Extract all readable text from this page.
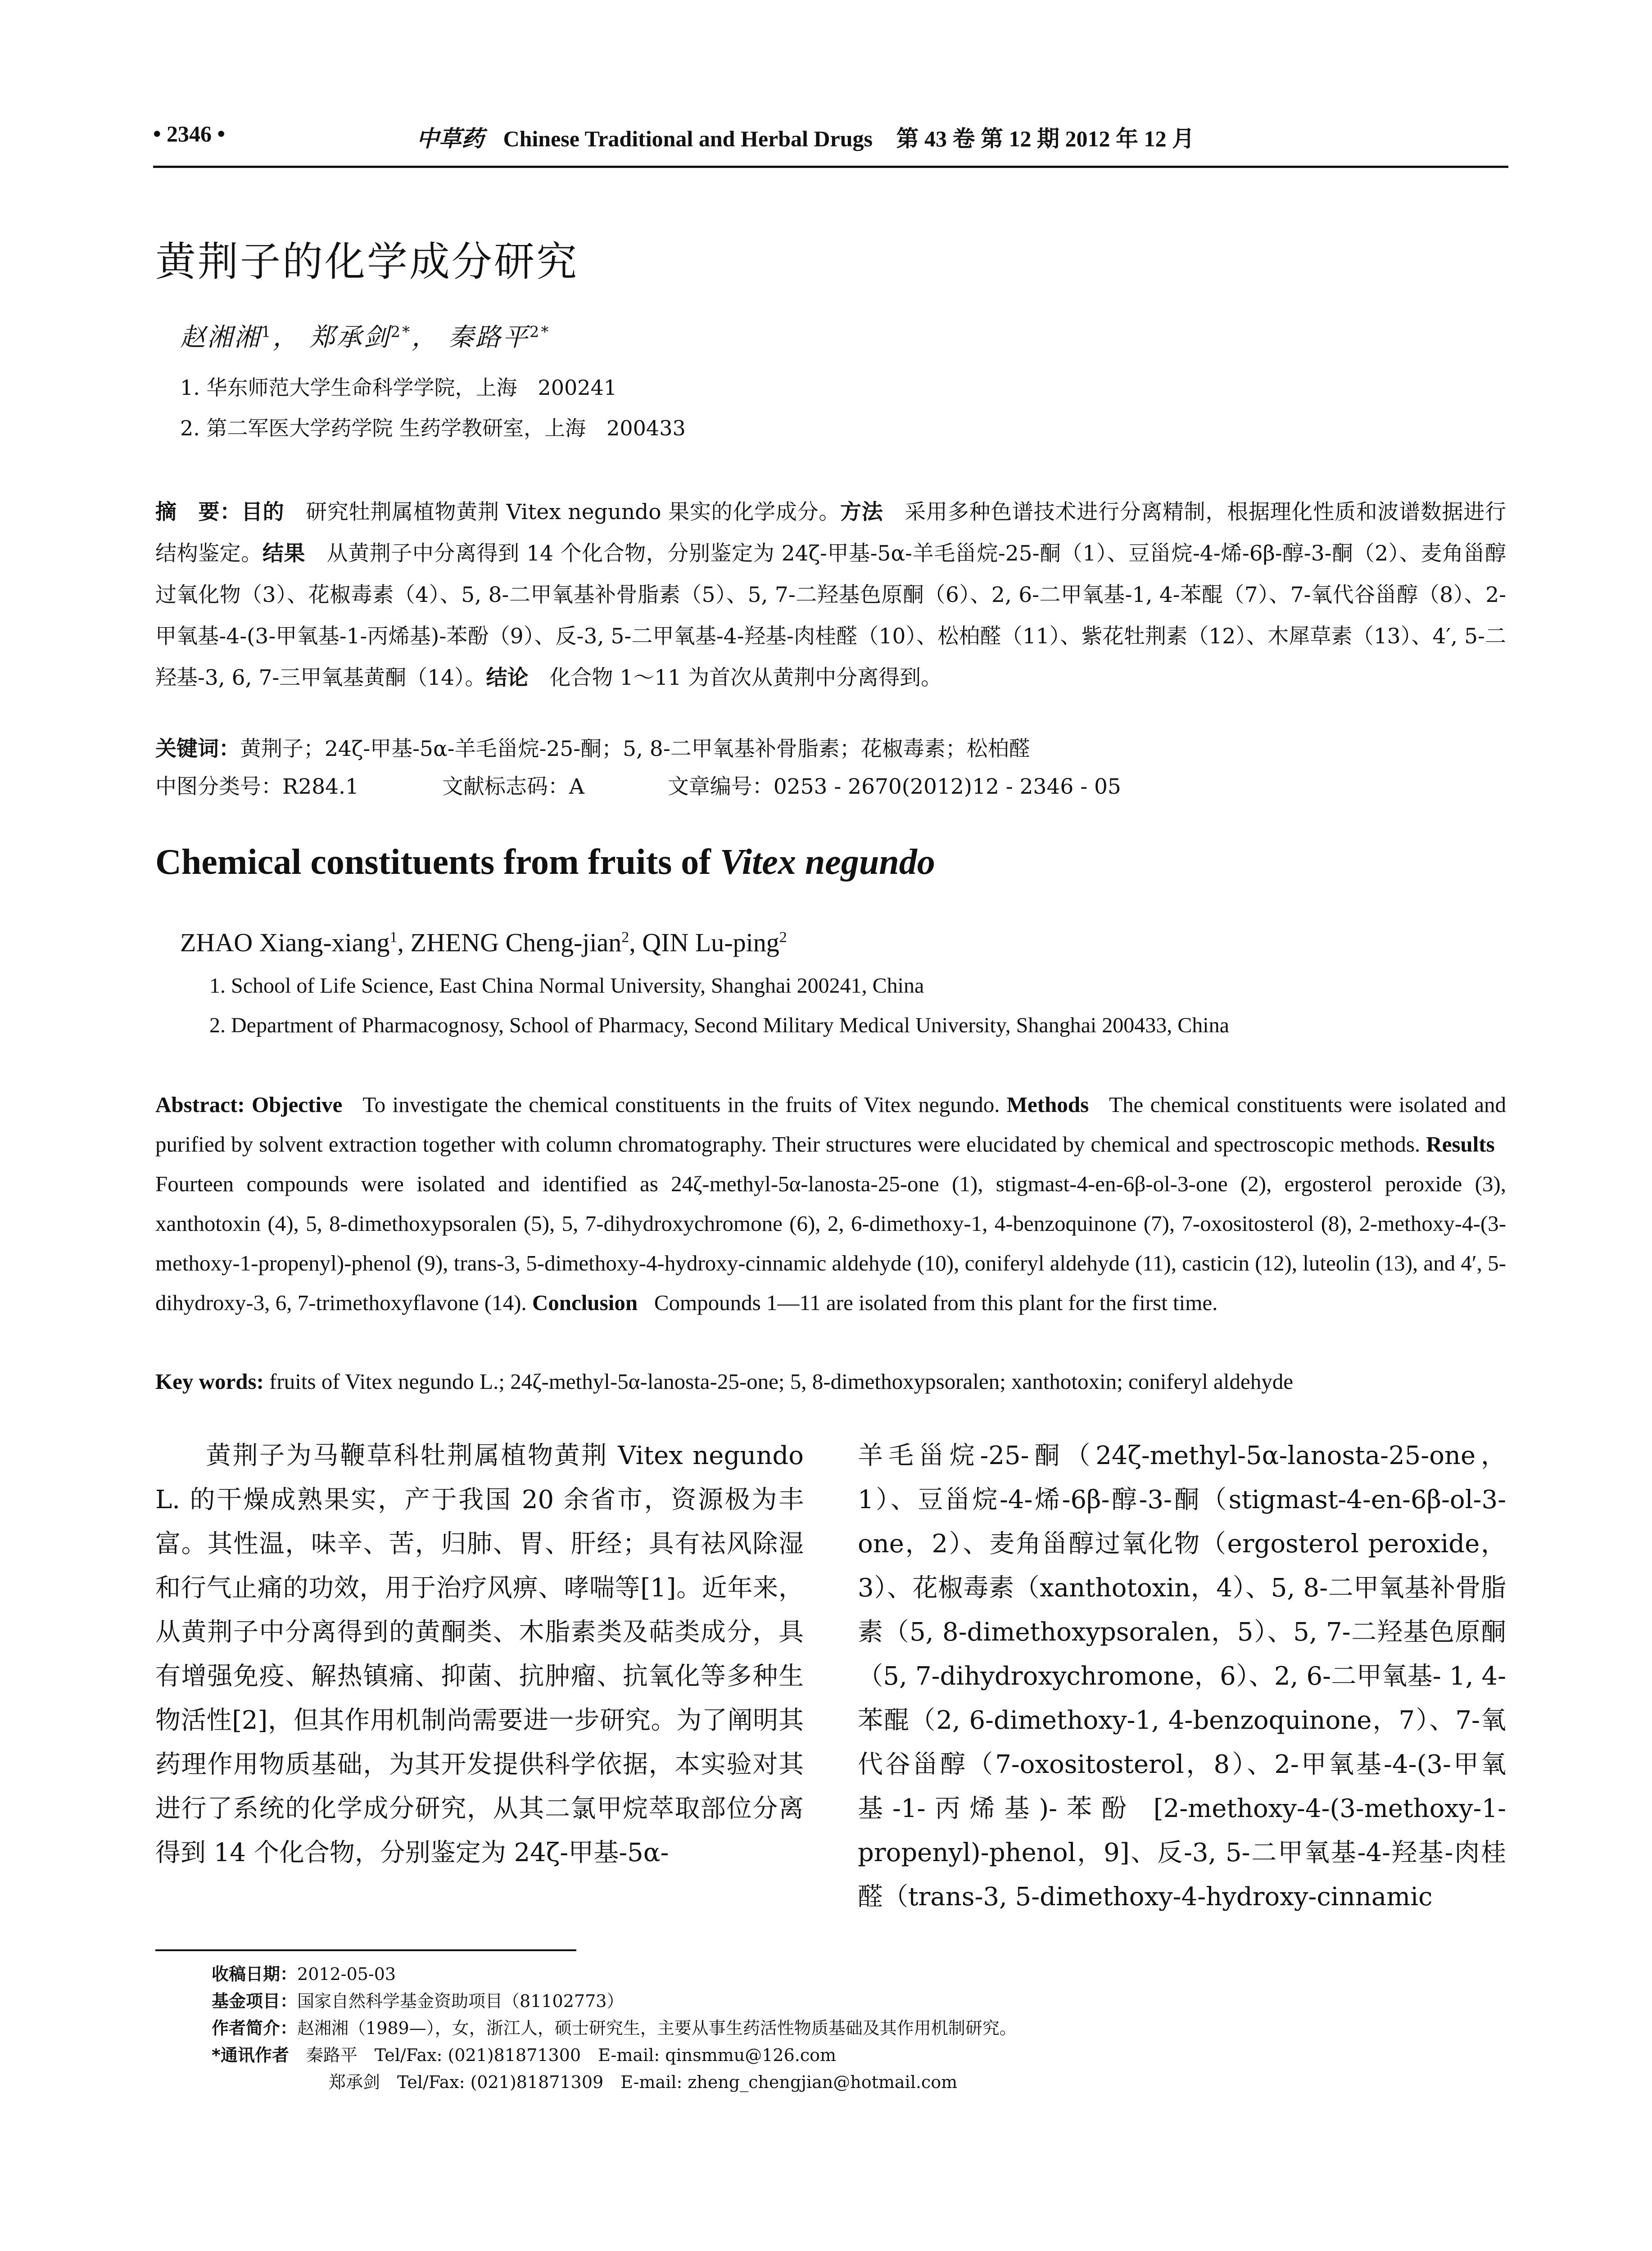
• 2346 •	中草药 Chinese Traditional and Herbal Drugs 第 43 卷 第 12 期 2012 年 12 月
黄荆子的化学成分研究
赵湘湘$^1$， 郑承剑$^{2*}$， 秦路平$^{2*}$
1. 华东师范大学生命科学学院，上海　200241
2. 第二军医大学药学院 生药学教研室，上海　200433
摘　要：目的　 研究牡荆属植物黄荆 Vitex negundo 果实的化学成分。方法　 采用多种色谱技术进行分离精制，根据理化性质和波谱数据进行结构鉴定。结果　 从黄荆子中分离得到 14 个化合物，分别鉴定为 24ζ-甲基-5α-羊毛甾烷-25-酮（1）、豆甾烷-4-烯-6β-醇-3-酮（2）、麦角甾醇过氧化物（3）、花椒毒素（4）、5, 8-二甲氧基补骨脂素（5）、5, 7-二羟基色原酮（6）、2, 6-二甲氧基-1, 4-苯醌（7）、7-氧代谷甾醇（8）、2-甲氧基-4-(3-甲氧基-1-丙烯基)-苯酚（9）、反-3, 5-二甲氧基-4-羟基-肉桂醛（10）、松柏醛（11）、紫花牡荆素（12）、木犀草素（13）、4′, 5-二羟基-3, 6, 7-三甲氧基黄酮（14）。结论　 化合物 1～11 为首次从黄荆中分离得到。
关键词：黄荆子；24ζ-甲基-5α-羊毛甾烷-25-酮；5, 8-二甲氧基补骨脂素；花椒毒素；松柏醛
中图分类号：R284.1	文献标志码：A	文章编号：0253 - 2670(2012)12 - 2346 - 05
Chemical constituents from fruits of Vitex negundo
ZHAO Xiang-xiang$^1$, ZHENG Cheng-jian$^2$, QIN Lu-ping$^2$
1. School of Life Science, East China Normal University, Shanghai 200241, China
2. Department of Pharmacognosy, School of Pharmacy, Second Military Medical University, Shanghai 200433, China
Abstract: Objective To investigate the chemical constituents in the fruits of Vitex negundo. Methods The chemical constituents were isolated and purified by solvent extraction together with column chromatography. Their structures were elucidated by chemical and spectroscopic methods. Results   Fourteen compounds were isolated and identified as 24ζ-methyl-5α-lanosta-25-one (1), stigmast-4-en-6β-ol-3-one (2), ergosterol peroxide (3), xanthotoxin (4), 5, 8-dimethoxypsoralen (5), 5, 7-dihydroxychromone (6), 2, 6-dimethoxy-1, 4-benzoquinone (7), 7-oxositosterol (8), 2-methoxy-4-(3-methoxy-1-propenyl)-phenol (9), trans-3, 5-dimethoxy-4-hydroxy-cinnamic aldehyde (10), coniferyl aldehyde (11), casticin (12), luteolin (13), and 4′, 5-dihydroxy-3, 6, 7-trimethoxyflavone (14). Conclusion Compounds 1—11 are isolated from this plant for the first time.
Key words: fruits of Vitex negundo L.; 24ζ-methyl-5α-lanosta-25-one; 5, 8-dimethoxypsoralen; xanthotoxin; coniferyl aldehyde
黄荆子为马鞭草科牡荆属植物黄荆 Vitex negundo L. 的干燥成熟果实，产于我国 20 余省市，资源极为丰富。其性温，味辛、苦，归肺、胃、肝经；具有祛风除湿和行气止痛的功效，用于治疗风痹、哮喘等[1]。近年来，从黄荆子中分离得到的黄酮类、木脂素类及萜类成分，具有增强免疫、解热镇痛、抑菌、抗肿瘤、抗氧化等多种生物活性[2]，但其作用机制尚需要进一步研究。为了阐明其药理作用物质基础，为其开发提供科学依据，本实验对其进行了系统的化学成分研究，从其二氯甲烷萃取部位分离得到 14 个化合物，分别鉴定为 24ζ-甲基-5α-
羊毛甾烷-25-酮（24ζ-methyl-5α-lanosta-25-one，1）、豆甾烷-4-烯-6β-醇-3-酮（stigmast-4-en-6β-ol-3-one，2）、麦角甾醇过氧化物（ergosterol peroxide，3）、花椒毒素（xanthotoxin，4）、5, 8-二甲氧基补骨脂素（5, 8-dimethoxypsoralen，5）、5, 7-二羟基色原酮（5, 7-dihydroxychromone，6）、2, 6-二甲氧基- 1, 4-苯醌（2, 6-dimethoxy-1, 4-benzoquinone，7）、7-氧代谷甾醇（7-oxositosterol，8）、2-甲氧基-4-(3-甲氧基-1-丙烯基)-苯酚 [2-methoxy-4-(3-methoxy-1-propenyl)-phenol，9]、反-3, 5-二甲氧基-4-羟基-肉桂醛（trans-3, 5-dimethoxy-4-hydroxy-cinnamic
收稿日期：2012-05-03
基金项目：国家自然科学基金资助项目（81102773）
作者简介：赵湘湘（1989—），女，浙江人，硕士研究生，主要从事生药活性物质基础及其作用机制研究。
*通讯作者　 秦路平　Tel/Fax: (021)81871300　E-mail: qinsmmu@126.com
郑承剑　Tel/Fax: (021)81871309　E-mail: zheng_chengjian@hotmail.com
